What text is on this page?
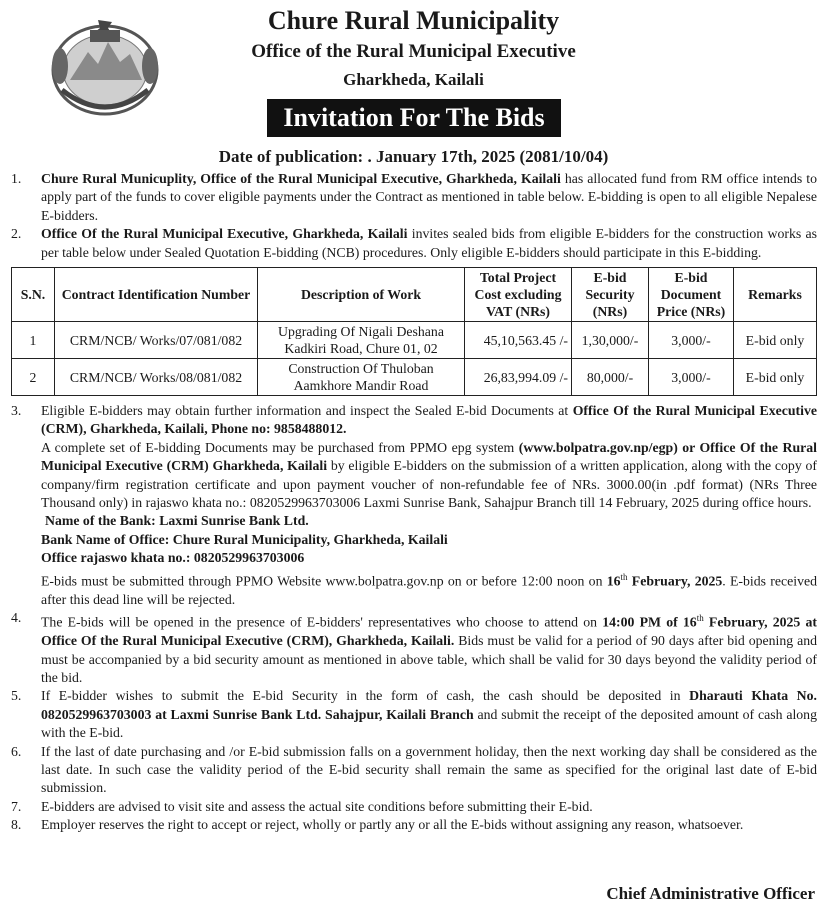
Chure Rural Municipality
Office of the Rural Municipal Executive
Gharkheda, Kailali
Invitation For The Bids
Date of publication: . January 17th, 2025 (2081/10/04)
1.	Chure Rural Municuplity, Office of the Rural Municipal Executive, Gharkheda, Kailali has allocated fund from RM office intends to apply part of the funds to cover eligible payments under the Contract as mentioned in table below. E-bidding is open to all eligible Nepalese E-bidders.
2.	Office Of the Rural Municipal Executive, Gharkheda, Kailali invites sealed bids from eligible E-bidders for the construction works as per table below under Sealed Quotation E-bidding (NCB) procedures. Only eligible E-bidders should participate in this E-bidding.
S.N.	Contract Identification Number	Description of Work	Total Project Cost excluding VAT (NRs)	E-bid Security (NRs)	E-bid Document Price (NRs)	Remarks
1	CRM/NCB/ Works/07/081/082	Upgrading Of Nigali Deshana Kadkiri Road, Chure 01, 02	45,10,563.45 /-	1,30,000/-	3,000/-	E-bid only
2	CRM/NCB/ Works/08/081/082	Construction Of Thuloban Aamkhore Mandir Road	26,83,994.09 /-	80,000/-	3,000/-	E-bid only
3.	Eligible E-bidders may obtain further information and inspect the Sealed E-bid Documents at Office Of the Rural Municipal Executive (CRM), Gharkheda, Kailali, Phone no: 9858488012.
A complete set of E-bidding Documents may be purchased from PPMO epg system (www.bolpatra.gov.np/egp) or Office Of the Rural Municipal Executive (CRM) Gharkheda, Kailali by eligible E-bidders on the submission of a written application, along with the copy of company/firm registration certificate and upon payment voucher of non-refundable fee of NRs. 3000.00(in .pdf format) (NRs Three Thousand only) in rajaswo khata no.: 0820529963703006 Laxmi Sunrise Bank, Sahajpur Branch till 14 February, 2025 during office hours.
Name of the Bank: Laxmi Sunrise Bank Ltd.
Bank Name of Office: Chure Rural Municipality, Gharkheda, Kailali
Office rajaswo khata no.: 0820529963703006
E-bids must be submitted through PPMO Website www.bolpatra.gov.np on or before 12:00 noon on 16th February, 2025. E-bids received after this dead line will be rejected.
4.	The E-bids will be opened in the presence of E-bidders' representatives who choose to attend on 14:00 PM of 16th February, 2025 at Office Of the Rural Municipal Executive (CRM), Gharkheda, Kailali. Bids must be valid for a period of 90 days after bid opening and must be accompanied by a bid security amount as mentioned in above table, which shall be valid for 30 days beyond the validity period of the bid.
5.	If E-bidder wishes to submit the E-bid Security in the form of cash, the cash should be deposited in Dharauti Khata No. 0820529963703003 at Laxmi Sunrise Bank Ltd. Sahajpur, Kailali Branch and submit the receipt of the deposited amount of cash along with the E-bid.
6.	If the last of date purchasing and /or E-bid submission falls on a government holiday, then the next working day shall be considered as the last date. In such case the validity period of the E-bid security shall remain the same as specified for the original last date of E-bid submission.
7.	E-bidders are advised to visit site and assess the actual site conditions before submitting their E-bid.
8.	Employer reserves the right to accept or reject, wholly or partly any or all the E-bids without assigning any reason, whatsoever.
Chief Administrative Officer
